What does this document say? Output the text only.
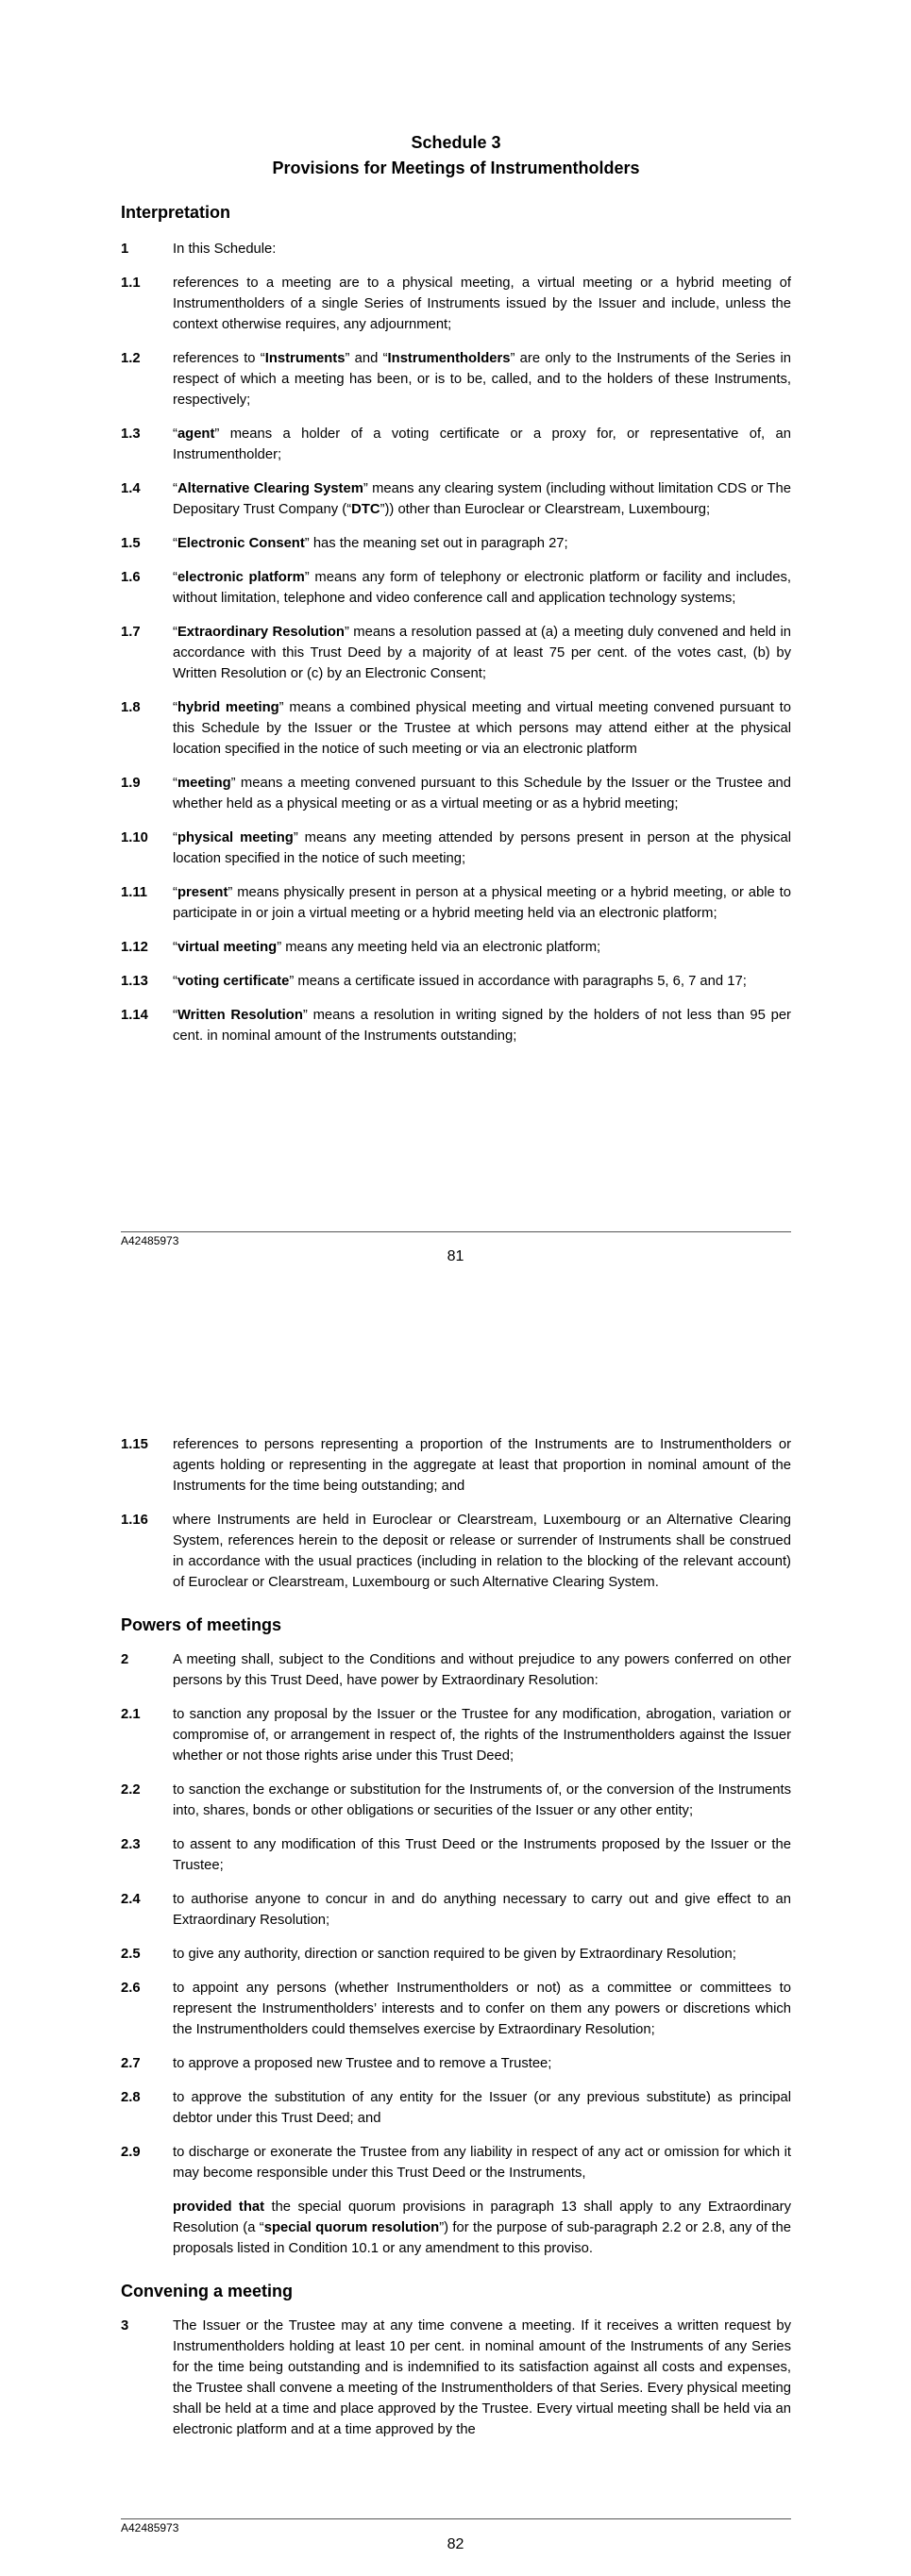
Schedule 3
Provisions for Meetings of Instrumentholders
Interpretation
1	In this Schedule:
1.1	references to a meeting are to a physical meeting, a virtual meeting or a hybrid meeting of Instrumentholders of a single Series of Instruments issued by the Issuer and include, unless the context otherwise requires, any adjournment;
1.2	references to “Instruments” and “Instrumentholders” are only to the Instruments of the Series in respect of which a meeting has been, or is to be, called, and to the holders of these Instruments, respectively;
1.3	“agent” means a holder of a voting certificate or a proxy for, or representative of, an Instrumentholder;
1.4	“Alternative Clearing System” means any clearing system (including without limitation CDS or The Depositary Trust Company (“DTC”)) other than Euroclear or Clearstream, Luxembourg;
1.5	“Electronic Consent” has the meaning set out in paragraph 27;
1.6	“electronic platform” means any form of telephony or electronic platform or facility and includes, without limitation, telephone and video conference call and application technology systems;
1.7	“Extraordinary Resolution” means a resolution passed at (a) a meeting duly convened and held in accordance with this Trust Deed by a majority of at least 75 per cent. of the votes cast, (b) by Written Resolution or (c) by an Electronic Consent;
1.8	“hybrid meeting” means a combined physical meeting and virtual meeting convened pursuant to this Schedule by the Issuer or the Trustee at which persons may attend either at the physical location specified in the notice of such meeting or via an electronic platform
1.9	“meeting” means a meeting convened pursuant to this Schedule by the Issuer or the Trustee and whether held as a physical meeting or as a virtual meeting or as a hybrid meeting;
1.10	“physical meeting” means any meeting attended by persons present in person at the physical location specified in the notice of such meeting;
1.11	“present” means physically present in person at a physical meeting or a hybrid meeting, or able to participate in or join a virtual meeting or a hybrid meeting held via an electronic platform;
1.12	“virtual meeting” means any meeting held via an electronic platform;
1.13	“voting certificate” means a certificate issued in accordance with paragraphs 5, 6, 7 and 17;
1.14	“Written Resolution” means a resolution in writing signed by the holders of not less than 95 per cent. in nominal amount of the Instruments outstanding;
A42485973
81
1.15	references to persons representing a proportion of the Instruments are to Instrumentholders or agents holding or representing in the aggregate at least that proportion in nominal amount of the Instruments for the time being outstanding; and
1.16	where Instruments are held in Euroclear or Clearstream, Luxembourg or an Alternative Clearing System, references herein to the deposit or release or surrender of Instruments shall be construed in accordance with the usual practices (including in relation to the blocking of the relevant account) of Euroclear or Clearstream, Luxembourg or such Alternative Clearing System.
Powers of meetings
2	A meeting shall, subject to the Conditions and without prejudice to any powers conferred on other persons by this Trust Deed, have power by Extraordinary Resolution:
2.1	to sanction any proposal by the Issuer or the Trustee for any modification, abrogation, variation or compromise of, or arrangement in respect of, the rights of the Instrumentholders against the Issuer whether or not those rights arise under this Trust Deed;
2.2	to sanction the exchange or substitution for the Instruments of, or the conversion of the Instruments into, shares, bonds or other obligations or securities of the Issuer or any other entity;
2.3	to assent to any modification of this Trust Deed or the Instruments proposed by the Issuer or the Trustee;
2.4	to authorise anyone to concur in and do anything necessary to carry out and give effect to an Extraordinary Resolution;
2.5	to give any authority, direction or sanction required to be given by Extraordinary Resolution;
2.6	to appoint any persons (whether Instrumentholders or not) as a committee or committees to represent the Instrumentholders’ interests and to confer on them any powers or discretions which the Instrumentholders could themselves exercise by Extraordinary Resolution;
2.7	to approve a proposed new Trustee and to remove a Trustee;
2.8	to approve the substitution of any entity for the Issuer (or any previous substitute) as principal debtor under this Trust Deed; and
2.9	to discharge or exonerate the Trustee from any liability in respect of any act or omission for which it may become responsible under this Trust Deed or the Instruments,
provided that the special quorum provisions in paragraph 13 shall apply to any Extraordinary Resolution (a “special quorum resolution”) for the purpose of sub-paragraph 2.2 or 2.8, any of the proposals listed in Condition 10.1 or any amendment to this proviso.
Convening a meeting
3	The Issuer or the Trustee may at any time convene a meeting. If it receives a written request by Instrumentholders holding at least 10 per cent. in nominal amount of the Instruments of any Series for the time being outstanding and is indemnified to its satisfaction against all costs and expenses, the Trustee shall convene a meeting of the Instrumentholders of that Series. Every physical meeting shall be held at a time and place approved by the Trustee. Every virtual meeting shall be held via an electronic platform and at a time approved by the
A42485973
82
